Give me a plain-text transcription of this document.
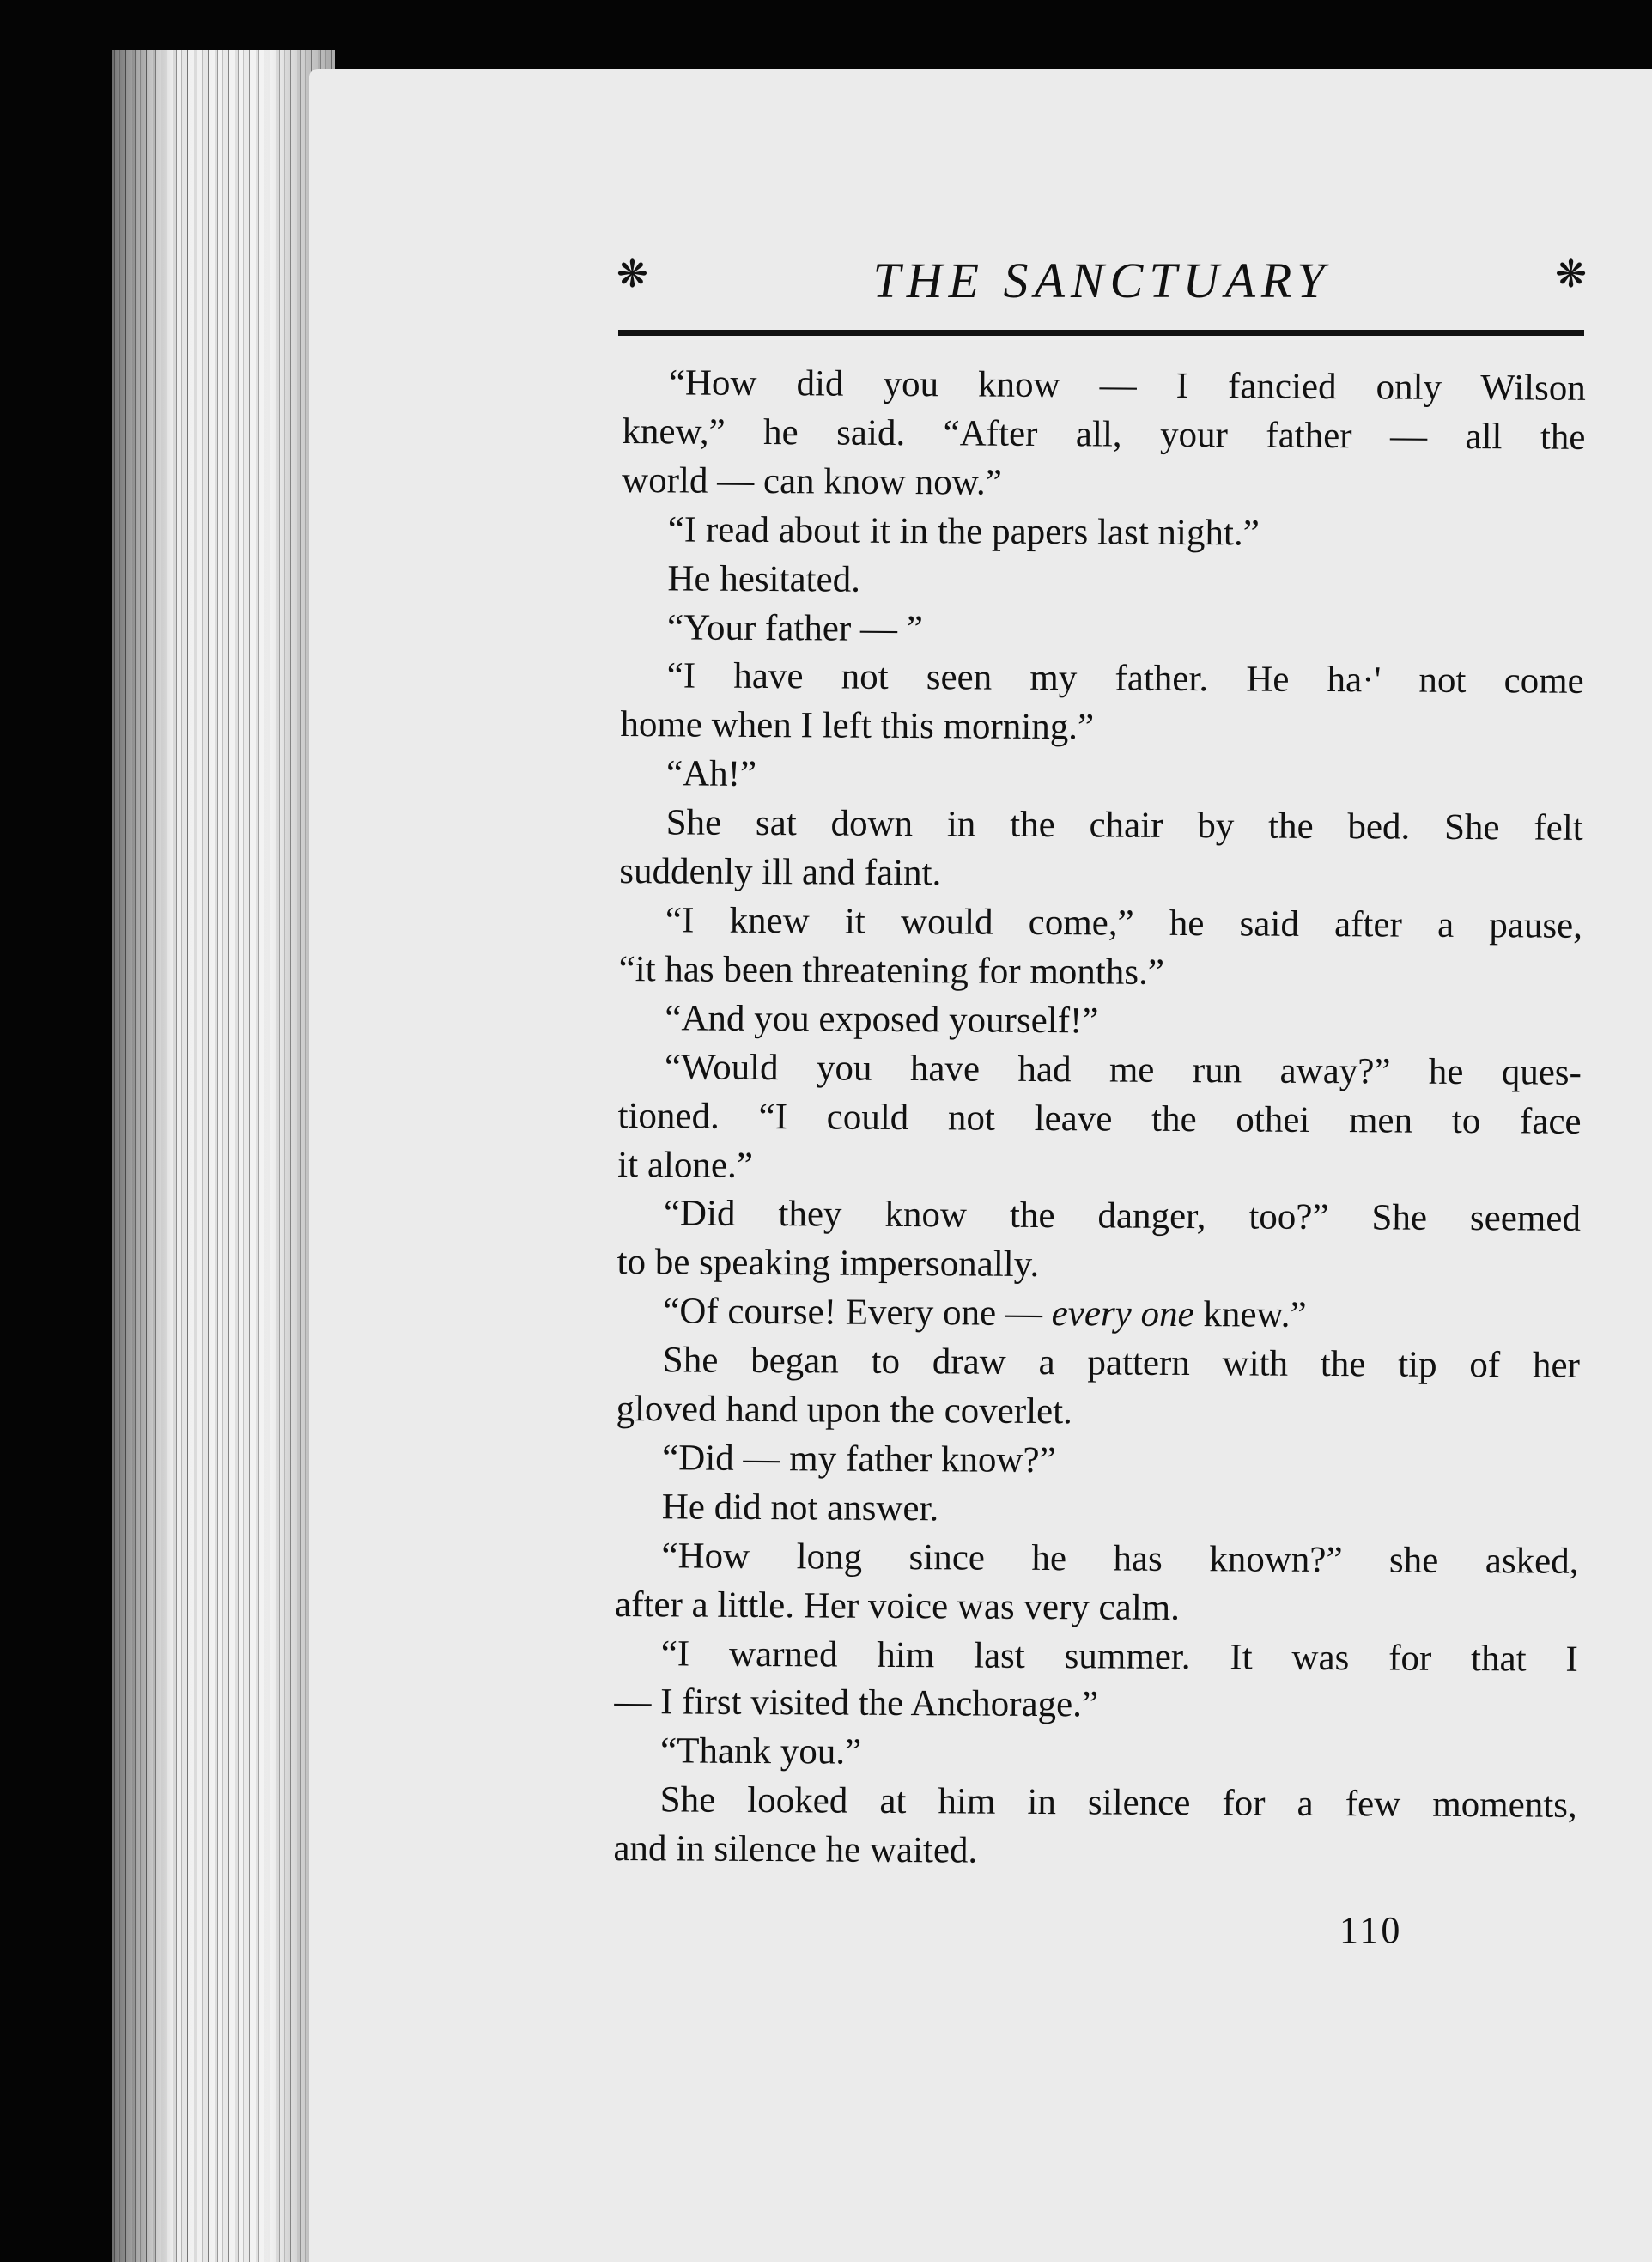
❋	THE SANCTUARY	❋
“How did you know — I fancied only Wilson
knew,” he said. “After all, your father — all the
world — can know now.”
“I read about it in the papers last night.”
He hesitated.
“Your father — ”
“I have not seen my father. He ha·' not come
home when I left this morning.”
“Ah!”
She sat down in the chair by the bed. She felt
suddenly ill and faint.
“I knew it would come,” he said after a pause,
“it has been threatening for months.”
“And you exposed yourself!”
“Would you have had me run away?” he ques-
tioned. “I could not leave the othei men to face
it alone.”
“Did they know the danger, too?” She seemed
to be speaking impersonally.
“Of course! Every one — every one knew.”
She began to draw a pattern with the tip of her
gloved hand upon the coverlet.
“Did — my father know?”
He did not answer.
“How long since he has known?” she asked,
after a little. Her voice was very calm.
“I warned him last summer. It was for that I
— I first visited the Anchorage.”
“Thank you.”
She looked at him in silence for a few moments,
and in silence he waited.
110
